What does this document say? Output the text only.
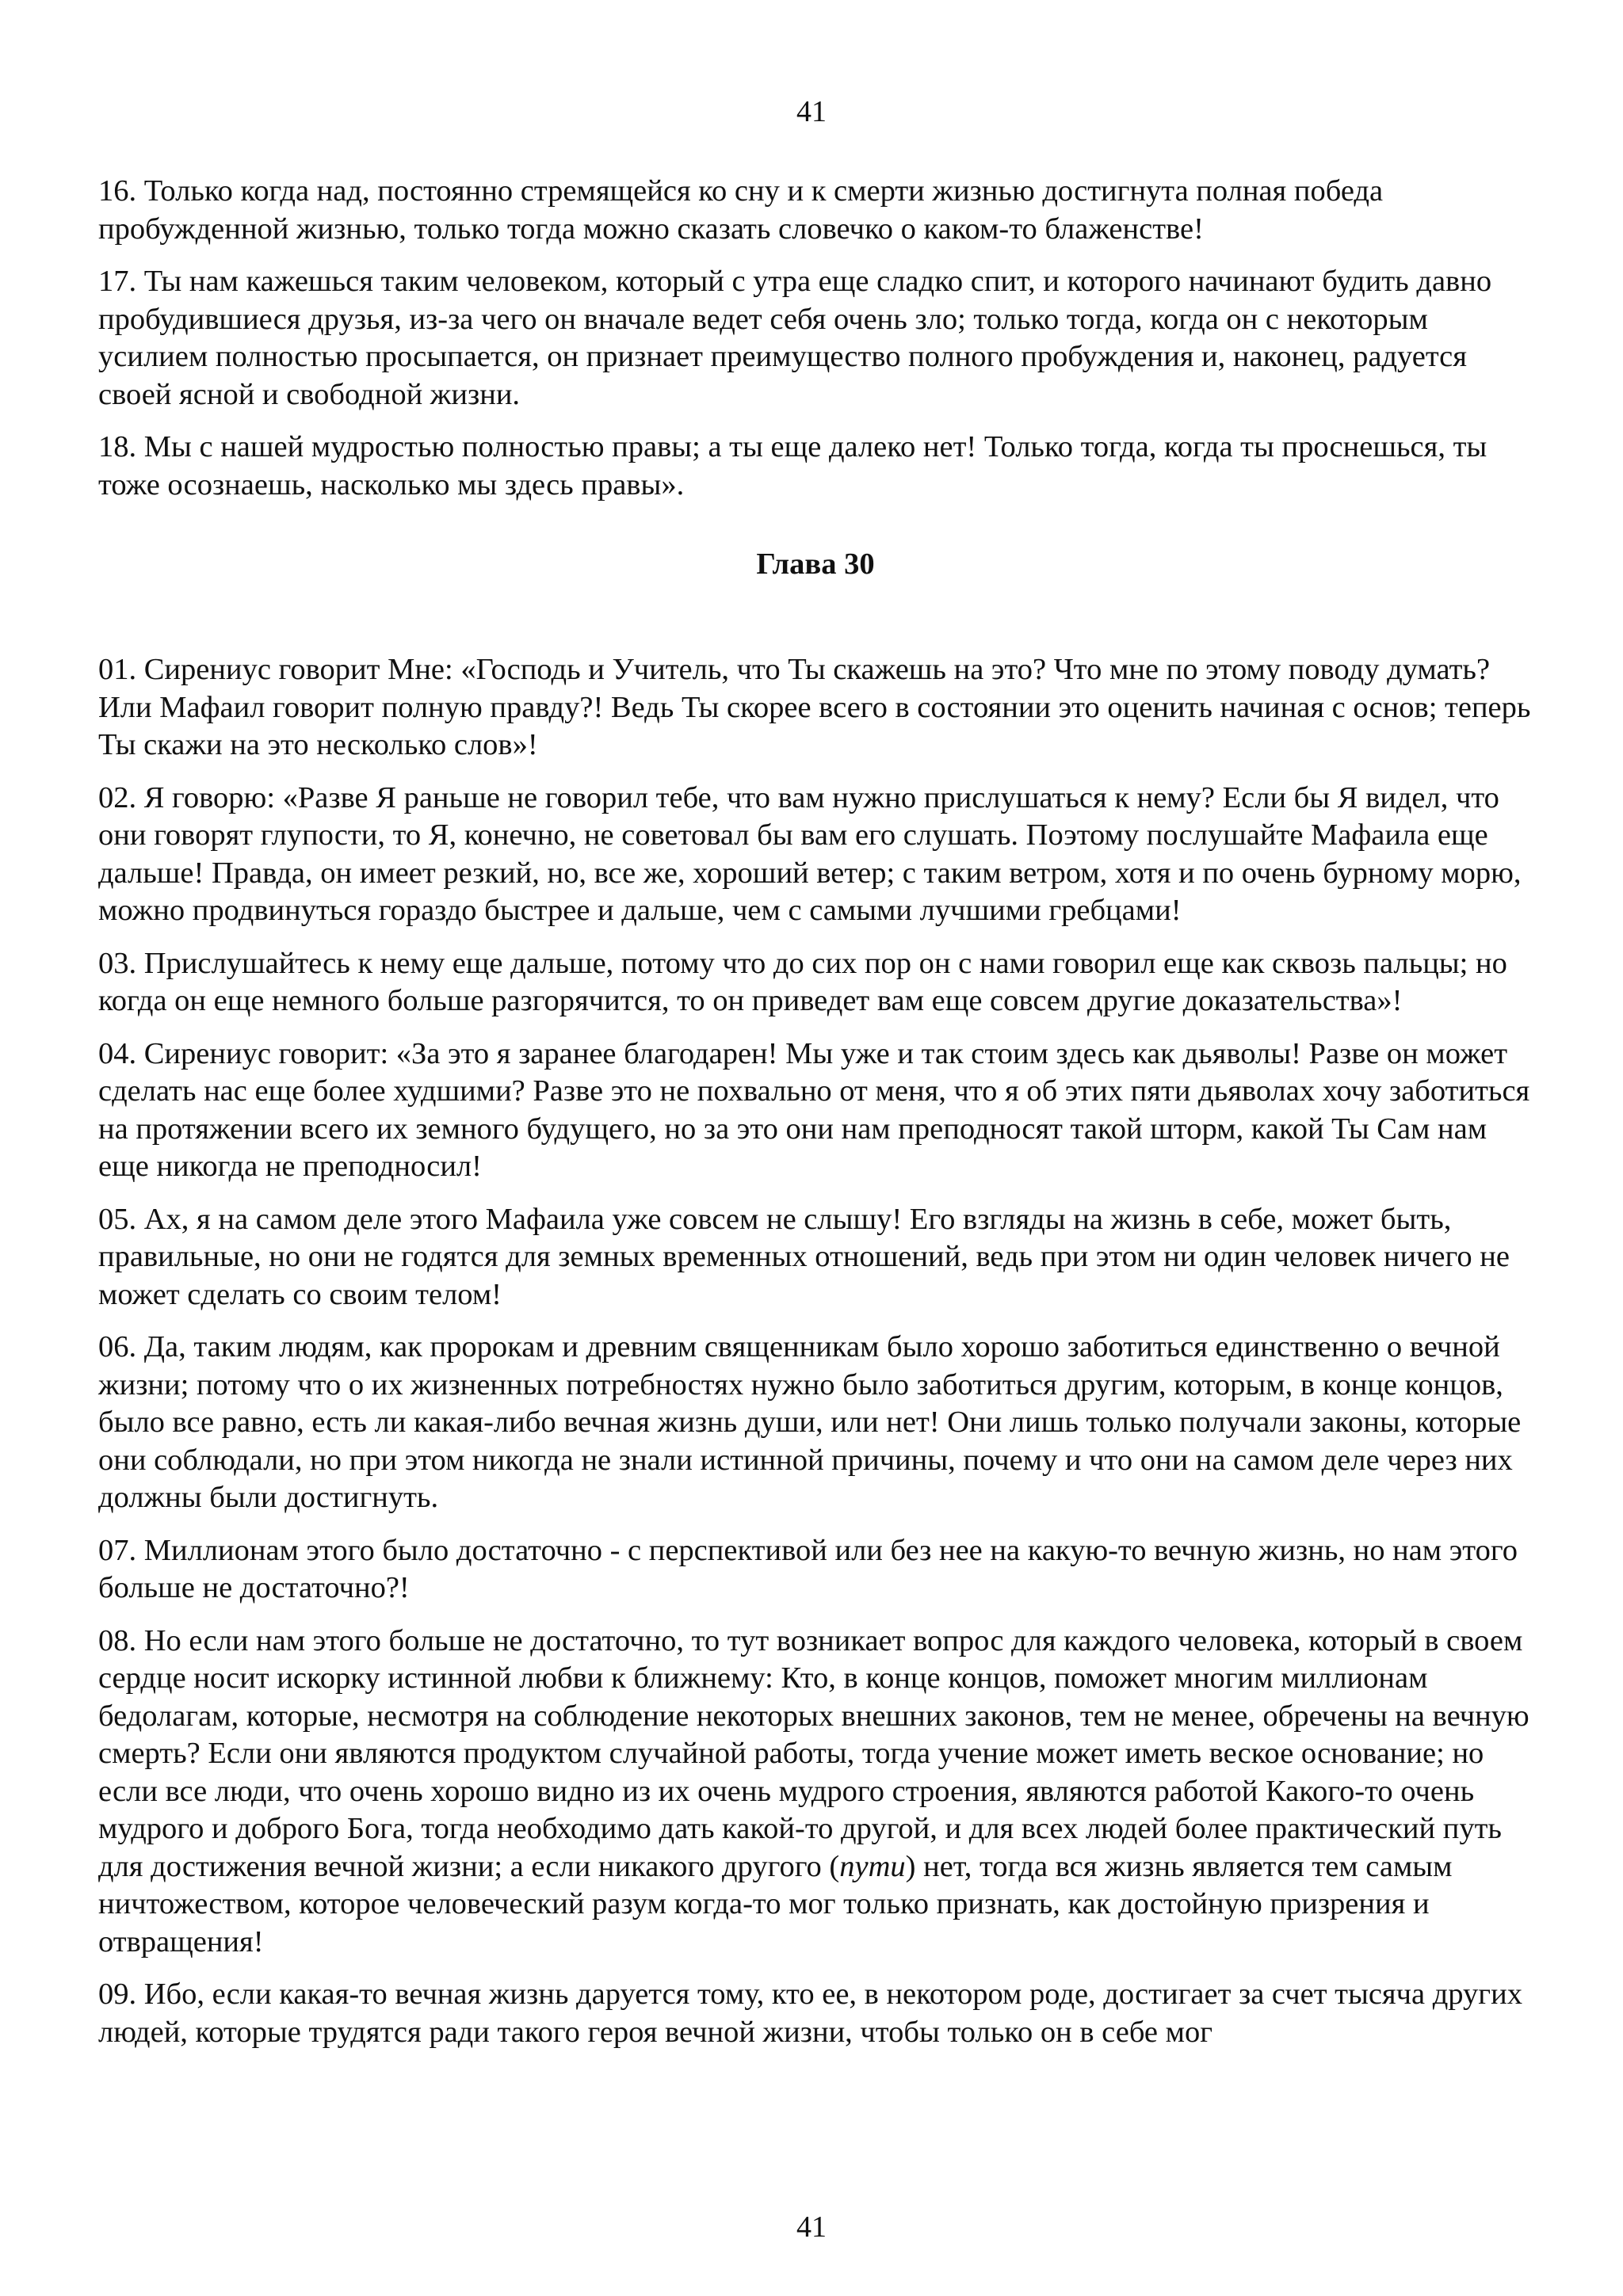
41

16. Только когда над, постоянно стремящейся ко сну и к смерти жизнью достигнута полная победа пробужденной жизнью, только тогда можно сказать словечко о каком-то блаженстве!

17. Ты нам кажешься таким человеком, который с утра еще сладко спит, и которого начинают будить давно пробудившиеся друзья, из-за чего он вначале ведет себя очень зло; только тогда, когда он с некоторым усилием полностью просыпается, он признает преимущество полного пробуждения и, наконец, радуется своей ясной и свободной жизни.

18. Мы с нашей мудростью полностью правы; а ты еще далеко нет! Только тогда, когда ты проснешься, ты тоже осознаешь, насколько мы здесь правы».

Глава 30

01. Сирениус говорит Мне: «Господь и Учитель, что Ты скажешь на это? Что мне по этому поводу думать? Или Мафаил говорит полную правду?! Ведь Ты скорее всего в состоянии это оценить начиная с основ; теперь Ты скажи на это несколько слов»!

02. Я говорю: «Разве Я раньше не говорил тебе, что вам нужно прислушаться к нему? Если бы Я видел, что они говорят глупости, то Я, конечно, не советовал бы вам его слушать. Поэтому послушайте Мафаила еще дальше! Правда, он имеет резкий, но, все же, хороший ветер; с таким ветром, хотя и по очень бурному морю, можно продвинуться гораздо быстрее и дальше, чем с самыми лучшими гребцами!

03. Прислушайтесь к нему еще дальше, потому что до сих пор он с нами говорил еще как сквозь пальцы; но когда он еще немного больше разгорячится, то он приведет вам еще совсем другие доказательства»!

04. Сирениус говорит: «За это я заранее благодарен! Мы уже и так стоим здесь как дьяволы! Разве он может сделать нас еще более худшими? Разве это не похвально от меня, что я об этих пяти дьяволах хочу заботиться на протяжении всего их земного будущего, но за это они нам преподносят такой шторм, какой Ты Сам нам еще никогда не преподносил!

05. Ах, я на самом деле этого Мафаила уже совсем не слышу! Его взгляды на жизнь в себе, может быть, правильные, но они не годятся для земных временных отношений, ведь при этом ни один человек ничего не может сделать со своим телом!

06. Да, таким людям, как пророкам и древним священникам было хорошо заботиться единственно о вечной жизни; потому что о их жизненных потребностях нужно было заботиться другим, которым, в конце концов, было все равно, есть ли какая-либо вечная жизнь души, или нет! Они лишь только получали законы, которые они соблюдали, но при этом никогда не знали истинной причины, почему и что они на самом деле через них должны были достигнуть.

07. Миллионам этого было достаточно - с перспективой или без нее на какую-то вечную жизнь, но нам этого больше не достаточно?!

08. Но если нам этого больше не достаточно, то тут возникает вопрос для каждого человека, который в своем сердце носит искорку истинной любви к ближнему: Кто, в конце концов, поможет многим миллионам бедолагам, которые, несмотря на соблюдение некоторых внешних законов, тем не менее, обречены на вечную смерть? Если они являются продуктом случайной работы, тогда учение может иметь веское основание; но если все люди, что очень хорошо видно из их очень мудрого строения, являются работой Какого-то очень мудрого и доброго Бога, тогда необходимо дать какой-то другой, и для всех людей более практический путь для достижения вечной жизни; а если никакого другого (пути) нет, тогда вся жизнь является тем самым ничтожеством, которое человеческий разум когда-то мог только признать, как достойную призрения и отвращения!

09. Ибо, если какая-то вечная жизнь даруется тому, кто ее, в некотором роде, достигает за счет тысяча других людей, которые трудятся ради такого героя вечной жизни, чтобы только он в себе мог

41
